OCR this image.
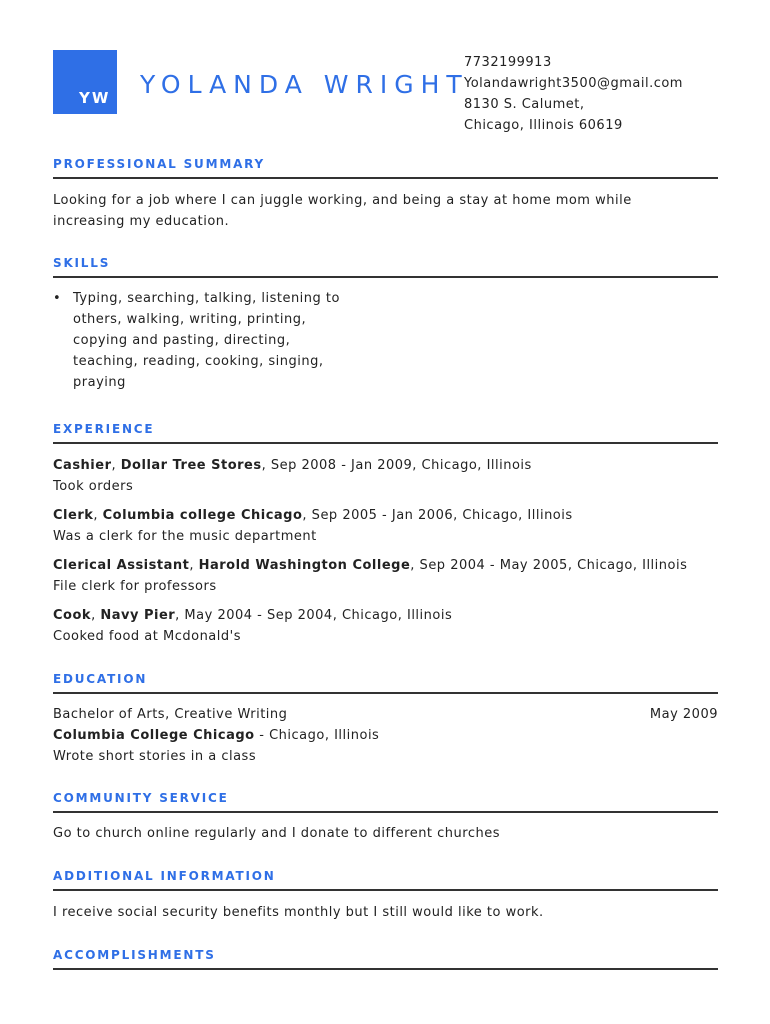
YW YOLANDA WRIGHT
7732199913
Yolandawright3500@gmail.com
8130 S. Calumet,
Chicago, Illinois 60619
PROFESSIONAL SUMMARY
Looking for a job where I can juggle working, and being a stay at home mom while
increasing my education.
SKILLS
• Typing, searching, talking, listening to
others, walking, writing, printing,
copying and pasting, directing,
teaching, reading, cooking, singing,
praying
EXPERIENCE
Cashier, Dollar Tree Stores, Sep 2008 - Jan 2009, Chicago, Illinois
Took orders
Clerk, Columbia college Chicago, Sep 2005 - Jan 2006, Chicago, Illinois
Was a clerk for the music department
Clerical Assistant, Harold Washington College, Sep 2004 - May 2005, Chicago, Illinois
File clerk for professors
Cook, Navy Pier, May 2004 - Sep 2004, Chicago, Illinois
Cooked food at Mcdonald's
EDUCATION
Bachelor of Arts, Creative Writing	May 2009
Columbia College Chicago - Chicago, Illinois
Wrote short stories in a class
COMMUNITY SERVICE
Go to church online regularly and I donate to different churches
ADDITIONAL INFORMATION
I receive social security benefits monthly but I still would like to work.
ACCOMPLISHMENTS
